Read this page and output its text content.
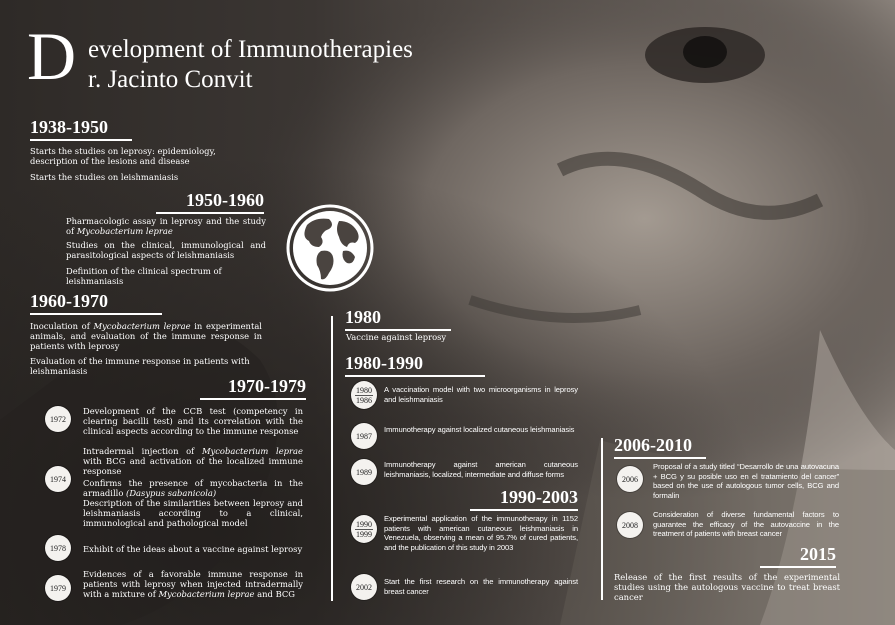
D evelopment of Immunotherapies
r. Jacinto Convit
1938-1950
Starts the studies on leprosy: epidemiology, description of the lesions and disease
Starts the studies on leishmaniasis
1950-1960
Pharmacologic assay in leprosy and the study of Mycobacterium leprae
Studies on the clinical, immunological and parasitological aspects of leishmaniasis
Definition of the clinical spectrum of leishmaniasis
1960-1970
Inoculation of Mycobacterium leprae in experimental animals, and evaluation of the immune response in patients with leprosy
Evaluation of the immune response in patients with leishmaniasis
1970-1979
1972
Development of the CCB test (competency in clearing bacilli test) and its correlation with the clinical aspects according to the immune response
1974
Intradermal injection of Mycobacterium leprae with BCG and activation of the localized immune response
Confirms the presence of mycobacteria in the armadillo (Dasypus sabanicola)
Description of the similarities between leprosy and leishmaniasis according to a clinical, immunological and pathological model
1978 Exhibit of the ideas about a vaccine against leprosy
1979
Evidences of a favorable immune response in patients with leprosy when injected intradermally with a mixture of Mycobacterium leprae and BCG
1980
Vaccine against leprosy
1980-1990
1980
1986
A vaccination model with two microorganisms in leprosy and leishmaniasis
1987
Immunotherapy against localized cutaneous leishmaniasis
1989
Immunotherapy against american cutaneous leishmaniasis, localized, intermediate and diffuse forms
1990-2003
1990
1999
Experimental application of the immunotherapy in 1152 patients with american cutaneous leishmaniasis in Venezuela, observing a mean of 95.7% of cured patients, and the publication of this study in 2003
2002
Start the first research on the immunotherapy against breast cancer
2006-2010
2006
Proposal of a study titled “Desarrollo de una autovacuna + BCG y su posible uso en el tratamiento del cancer” based on the use of autologous tumor cells, BCG and formalin
2008
Consideration of diverse fundamental factors to guarantee the efficacy of the autovaccine in the treatment of patients with breast cancer
2015
Release of the first results of the experimental studies using the autologous vaccine to treat breast cancer
